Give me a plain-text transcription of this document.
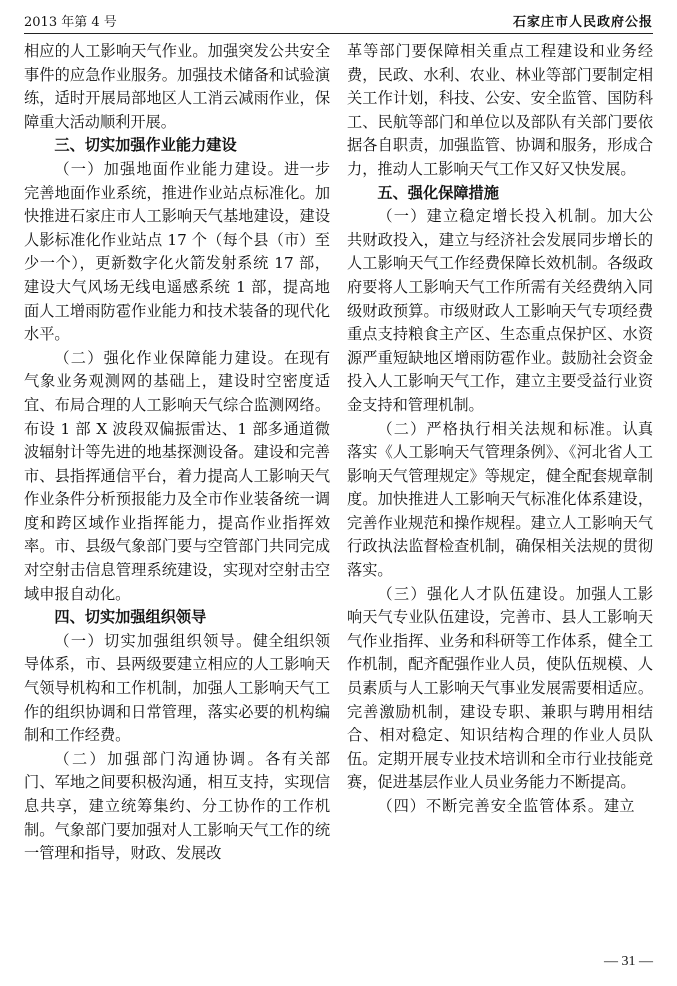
2013 年第 4 号	石家庄市人民政府公报

相应的人工影响天气作业。加强突发公共安全事件的应急作业服务。加强技术储备和试验演练，适时开展局部地区人工消云减雨作业，保障重大活动顺利开展。

三、切实加强作业能力建设

（一）加强地面作业能力建设。进一步完善地面作业系统，推进作业站点标准化。加快推进石家庄市人工影响天气基地建设，建设人影标准化作业站点 17 个（每个县（市）至少一个），更新数字化火箭发射系统 17 部，建设大气风场无线电遥感系统 1 部，提高地面人工增雨防雹作业能力和技术装备的现代化水平。

（二）强化作业保障能力建设。在现有气象业务观测网的基础上，建设时空密度适宜、布局合理的人工影响天气综合监测网络。布设 1 部 X 波段双偏振雷达、1 部多通道微波辐射计等先进的地基探测设备。建设和完善市、县指挥通信平台，着力提高人工影响天气作业条件分析预报能力及全市作业装备统一调度和跨区域作业指挥能力，提高作业指挥效率。市、县级气象部门要与空管部门共同完成对空射击信息管理系统建设，实现对空射击空域申报自动化。

四、切实加强组织领导

（一）切实加强组织领导。健全组织领导体系，市、县两级要建立相应的人工影响天气领导机构和工作机制，加强人工影响天气工作的组织协调和日常管理，落实必要的机构编制和工作经费。

（二）加强部门沟通协调。各有关部门、军地之间要积极沟通，相互支持，实现信息共享，建立统筹集约、分工协作的工作机制。气象部门要加强对人工影响天气工作的统一管理和指导，财政、发展改

革等部门要保障相关重点工程建设和业务经费，民政、水利、农业、林业等部门要制定相关工作计划，科技、公安、安全监管、国防科工、民航等部门和单位以及部队有关部门要依据各自职责，加强监管、协调和服务，形成合力，推动人工影响天气工作又好又快发展。

五、强化保障措施

（一）建立稳定增长投入机制。加大公共财政投入，建立与经济社会发展同步增长的人工影响天气工作经费保障长效机制。各级政府要将人工影响天气工作所需有关经费纳入同级财政预算。市级财政人工影响天气专项经费重点支持粮食主产区、生态重点保护区、水资源严重短缺地区增雨防雹作业。鼓励社会资金投入人工影响天气工作，建立主要受益行业资金支持和管理机制。

（二）严格执行相关法规和标准。认真落实《人工影响天气管理条例》、《河北省人工影响天气管理规定》等规定，健全配套规章制度。加快推进人工影响天气标准化体系建设，完善作业规范和操作规程。建立人工影响天气行政执法监督检查机制，确保相关法规的贯彻落实。

（三）强化人才队伍建设。加强人工影响天气专业队伍建设，完善市、县人工影响天气作业指挥、业务和科研等工作体系，健全工作机制，配齐配强作业人员，使队伍规模、人员素质与人工影响天气事业发展需要相适应。完善激励机制，建设专职、兼职与聘用相结合、相对稳定、知识结构合理的作业人员队伍。定期开展专业技术培训和全市行业技能竞赛，促进基层作业人员业务能力不断提高。

（四）不断完善安全监管体系。建立

— 31 —
